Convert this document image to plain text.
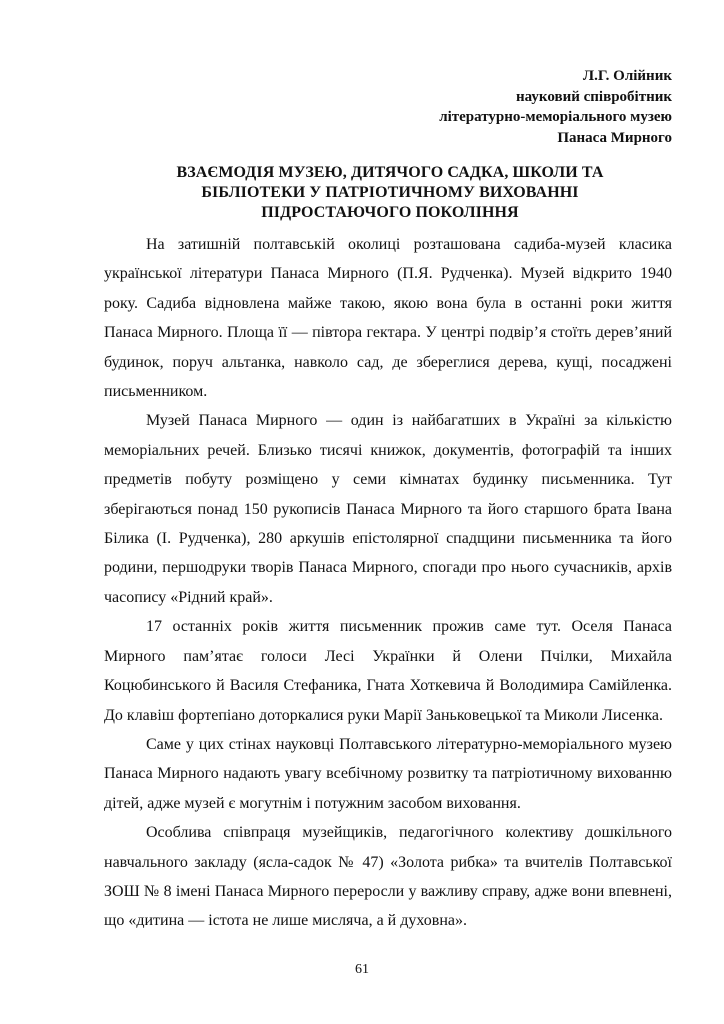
Л.Г. Олійник
науковий співробітник
літературно-меморіального музею
Панаса Мирного
ВЗАЄМОДІЯ МУЗЕЮ, ДИТЯЧОГО САДКА, ШКОЛИ ТА
БІБЛІОТЕКИ У ПАТРІОТИЧНОМУ ВИХОВАННІ
ПІДРОСТАЮЧОГО ПОКОЛІННЯ

На затишній полтавській околиці розташована садиба-музей класика української літератури Панаса Мирного (П.Я. Рудченка). Музей відкрито 1940 року. Садиба відновлена майже такою, якою вона була в останні роки життя Панаса Мирного. Площа її — півтора гектара. У центрі подвір’я стоїть дерев’яний будинок, поруч альтанка, навколо сад, де збереглися дерева, кущі, посаджені письменником.

Музей Панаса Мирного — один із найбагатших в Україні за кількістю меморіальних речей. Близько тисячі книжок, документів, фотографій та інших предметів побуту розміщено у семи кімнатах будинку письменника. Тут зберігаються понад 150 рукописів Панаса Мирного та його старшого брата Івана Білика (І. Рудченка), 280 аркушів епістолярної спадщини письменника та його родини, першодруки творів Панаса Мирного, спогади про нього сучасників, архів часопису «Рідний край».

17 останніх років життя письменник прожив саме тут. Оселя Панаса Мирного пам’ятає голоси Лесі Українки й Олени Пчілки, Михайла Коцюбинського й Василя Стефаника, Гната Хоткевича й Володимира Самійленка. До клавіш фортепіано доторкалися руки Марії Заньковецької та Миколи Лисенка.

Саме у цих стінах науковці Полтавського літературно-меморіального музею Панаса Мирного надають увагу всебічному розвитку та патріотичному вихованню дітей, адже музей є могутнім і потужним засобом виховання.

Особлива співпраця музейщиків, педагогічного колективу дошкільного навчального закладу (ясла-садок № 47) «Золота рибка» та вчителів Полтавської ЗОШ № 8 імені Панаса Мирного переросли у важливу справу, адже вони впевнені, що «дитина — істота не лише мисляча, а й духовна».

61
